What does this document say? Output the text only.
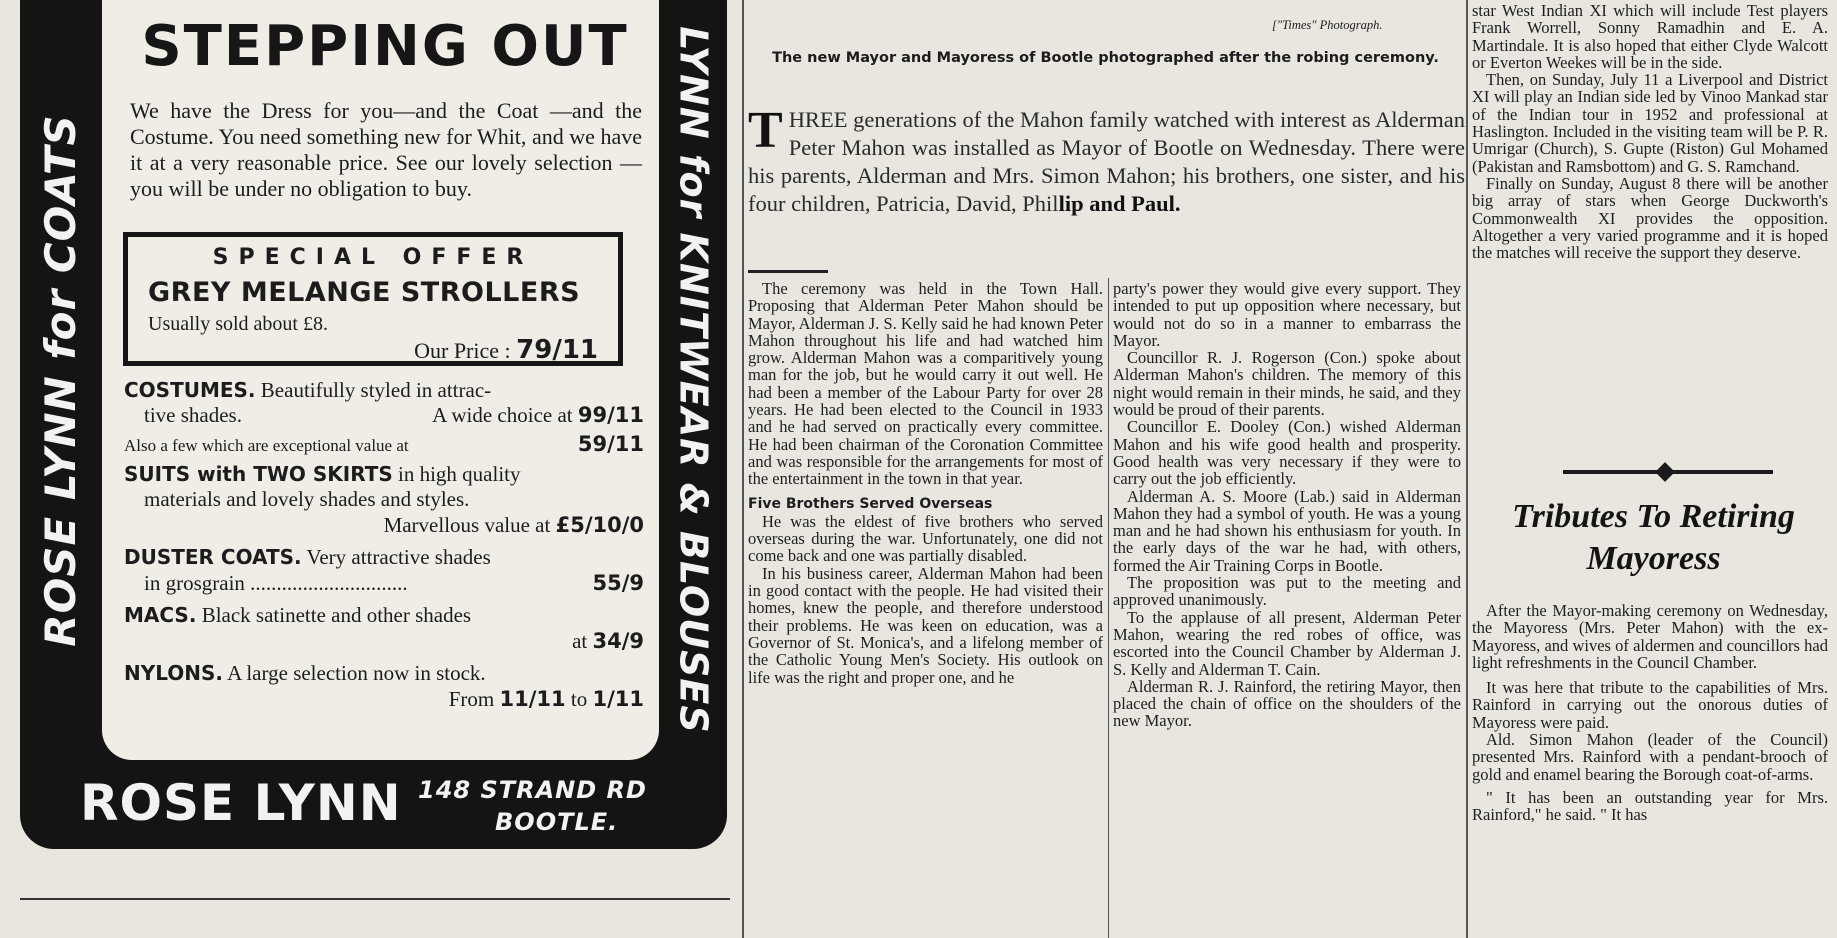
ROSE LYNN for COATS	LYNN for KNITWEAR & BLOUSES
STEPPING OUT
We have the Dress for you—and the Coat —and the Costume. You need something new for Whit, and we have it at a very reasonable price. See our lovely selection —you will be under no obligation to buy.
SPECIAL OFFER
GREY MELANGE STROLLERS
Usually sold about £8.
Our Price : 79/11
COSTUMES. Beautifully styled in attrac-
tive shades.	A wide choice at 99/11
Also a few which are exceptional value at	59/11
SUITS with TWO SKIRTS in high quality
materials and lovely shades and styles.
Marvellous value at £5/10/0
DUSTER COATS. Very attractive shades
in grosgrain ..............................	55/9
MACS. Black satinette and other shades
at 34/9
NYLONS. A large selection now in stock.
From 11/11 to 1/11
ROSE LYNN 148 STRAND RD
BOOTLE.
["Times" Photograph.
The new Mayor and Mayoress of Bootle photographed after the robing ceremony.
T HREE generations of the Mahon family watched with interest as Alderman Peter Mahon was installed as Mayor of Bootle on Wednesday. There were his parents, Alderman and Mrs. Simon Mahon; his brothers, one sister, and his four children, Patricia, David, Phillip and Paul.

The ceremony was held in the Town Hall. Proposing that Alderman Peter Mahon should be Mayor, Alderman J. S. Kelly said he had known Peter Mahon throughout his life and had watched him grow. Alderman Mahon was a comparitively young man for the job, but he would carry it out well. He had been a member of the Labour Party for over 28 years. He had been elected to the Council in 1933 and he had served on practically every committee. He had been chairman of the Coronation Committee and was responsible for the arrangements for most of the entertainment in the town in that year.

Five Brothers Served Overseas

He was the eldest of five brothers who served overseas during the war. Unfortunately, one did not come back and one was partially disabled.

In his business career, Alderman Mahon had been in good contact with the people. He had visited their homes, knew the people, and therefore understood their problems. He was keen on education, was a Governor of St. Monica's, and a lifelong member of the Catholic Young Men's Society. His outlook on life was the right and proper one, and he

party's power they would give every support. They intended to put up opposition where necessary, but would not do so in a manner to embarrass the Mayor.

Councillor R. J. Rogerson (Con.) spoke about Alderman Mahon's children. The memory of this night would remain in their minds, he said, and they would be proud of their parents.

Councillor E. Dooley (Con.) wished Alderman Mahon and his wife good health and prosperity. Good health was very necessary if they were to carry out the job efficiently.

Alderman A. S. Moore (Lab.) said in Alderman Mahon they had a symbol of youth. He was a young man and he had shown his enthusiasm for youth. In the early days of the war he had, with others, formed the Air Training Corps in Bootle.

The proposition was put to the meeting and approved unanimously.

To the applause of all present, Alderman Peter Mahon, wearing the red robes of office, was escorted into the Council Chamber by Alderman J. S. Kelly and Alderman T. Cain.

Alderman R. J. Rainford, the retiring Mayor, then placed the chain of office on the shoulders of the new Mayor.

star West Indian XI which will include Test players Frank Worrell, Sonny Ramadhin and E. A. Martindale. It is also hoped that either Clyde Walcott or Everton Weekes will be in the side.

Then, on Sunday, July 11 a Liverpool and District XI will play an Indian side led by Vinoo Mankad star of the Indian tour in 1952 and professional at Haslington. Included in the visiting team will be P. R. Umrigar (Church), S. Gupte (Riston) Gul Mohamed (Pakistan and Ramsbottom) and G. S. Ramchand.

Finally on Sunday, August 8 there will be another big array of stars when George Duckworth's Commonwealth XI provides the opposition. Altogether a very varied programme and it is hoped the matches will receive the support they deserve.

Tributes To Retiring Mayoress

After the Mayor-making ceremony on Wednesday, the Mayoress (Mrs. Peter Mahon) with the ex-Mayoress, and wives of aldermen and councillors had light refreshments in the Council Chamber.

It was here that tribute to the capabilities of Mrs. Rainford in carrying out the onorous duties of Mayoress were paid.

Ald. Simon Mahon (leader of the Council) presented Mrs. Rainford with a pendant-brooch of gold and enamel bearing the Borough coat-of-arms.

" It has been an outstanding year for Mrs. Rainford," he said. " It has
